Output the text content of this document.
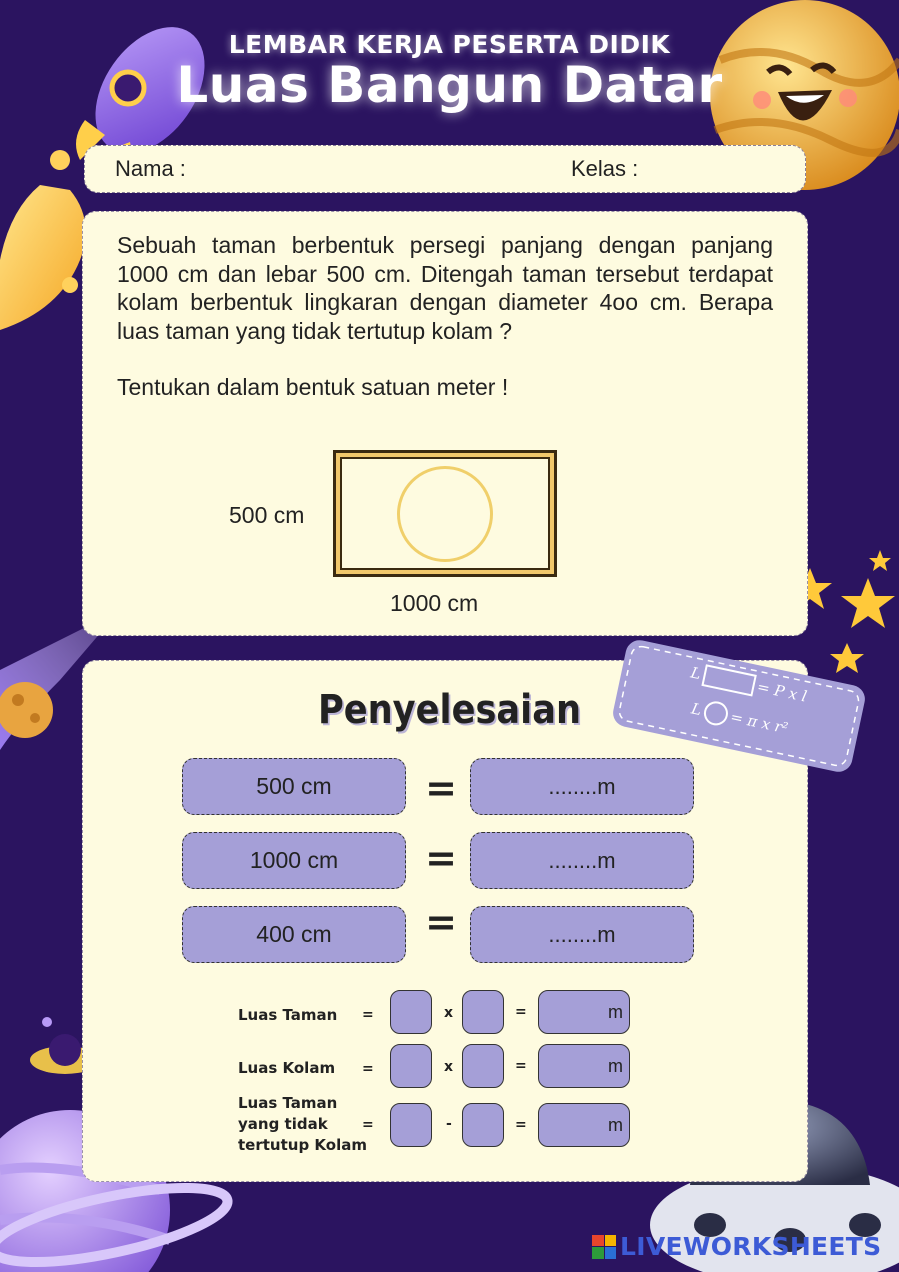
LEMBAR KERJA PESERTA DIDIK
Luas Bangun Datar
Nama :	Kelas :

Sebuah taman berbentuk persegi panjang dengan panjang 1000 cm dan lebar 500 cm. Ditengah taman tersebut terdapat kolam berbentuk lingkaran dengan diameter 4oo cm. Berapa luas taman yang tidak tertutup kolam ?

Tentukan dalam bentuk satuan meter !

500 cm
1000 cm
Penyelesaian
L
= P x l
L = π x r²
500 cm	=	........m
1000 cm	=	........m
400 cm	=	........m
Luas Taman =	x	=	m
Luas Kolam =	x	=	m
Luas Taman
yang tidak
tertutup Kolam
=	-	=	m
LIVEWORKSHEETS
